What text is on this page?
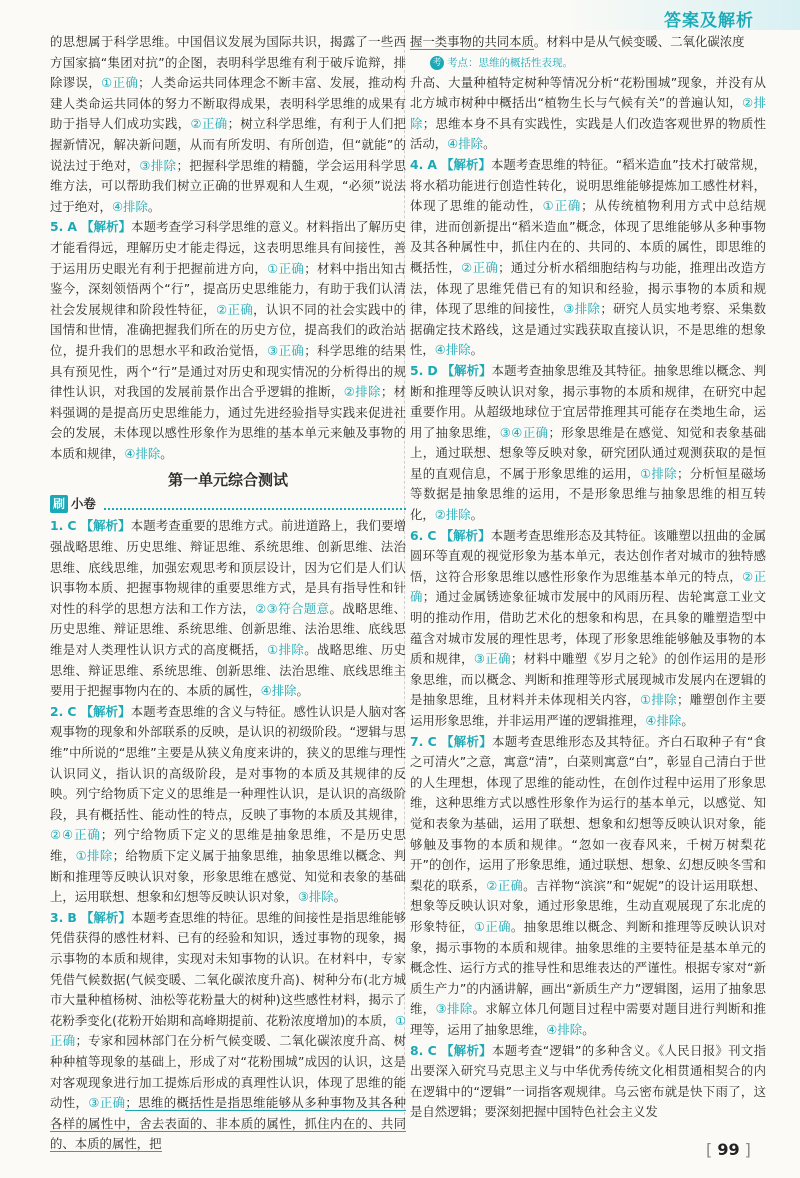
答案及解析

的思想属于科学思维。中国倡议发展为国际共识，揭露了一些西方国家搞“集团对抗”的企图，表明科学思维有利于破斥诡辩，排除谬误，①正确；人类命运共同体理念不断丰富、发展，推动构建人类命运共同体的努力不断取得成果，表明科学思维的成果有助于指导人们成功实践，②正确；树立科学思维，有利于人们把握新情况，解决新问题，从而有所发明、有所创造，但“就能”的说法过于绝对，③排除；把握科学思维的精髓，学会运用科学思维方法，可以帮助我们树立正确的世界观和人生观，“必须”说法过于绝对，④排除。

5. A 【解析】本题考查学习科学思维的意义。材料指出了解历史才能看得远，理解历史才能走得远，这表明思维具有间接性，善于运用历史眼光有利于把握前进方向，①正确；材料中指出知古鉴今，深刻领悟两个“行”，提高历史思维能力，有助于我们认清社会发展规律和阶段性特征，②正确，认识不同的社会实践中的国情和世情，准确把握我们所在的历史方位，提高我们的政治站位，提升我们的思想水平和政治觉悟，③正确；科学思维的结果具有预见性，两个“行”是通过对历史和现实情况的分析得出的规律性认识，对我国的发展前景作出合乎逻辑的推断，②排除；材料强调的是提高历史思维能力，通过先进经验指导实践来促进社会的发展，未体现以感性形象作为思维的基本单元来触及事物的本质和规律，④排除。

第一单元综合测试
刷 小卷

1. C 【解析】本题考查重要的思维方式。前进道路上，我们要增强战略思维、历史思维、辩证思维、系统思维、创新思维、法治思维、底线思维，加强宏观思考和顶层设计，因为它们是人们认识事物本质、把握事物规律的重要思维方式，是具有指导性和针对性的科学的思想方法和工作方法，②③符合题意。战略思维、历史思维、辩证思维、系统思维、创新思维、法治思维、底线思维是对人类理性认识方式的高度概括，①排除。战略思维、历史思维、辩证思维、系统思维、创新思维、法治思维、底线思维主要用于把握事物内在的、本质的属性，④排除。

2. C 【解析】本题考查思维的含义与特征。感性认识是人脑对客观事物的现象和外部联系的反映，是认识的初级阶段。“逻辑与思维”中所说的“思维”主要是从狭义角度来讲的，狭义的思维与理性认识同义，指认识的高级阶段，是对事物的本质及其规律的反映。列宁给物质下定义的思维是一种理性认识，是认识的高级阶段，具有概括性、能动性的特点，反映了事物的本质及其规律，②④正确；列宁给物质下定义的思维是抽象思维，不是历史思维，①排除；给物质下定义属于抽象思维，抽象思维以概念、判断和推理等反映认识对象，形象思维在感觉、知觉和表象的基础上，运用联想、想象和幻想等反映认识对象，③排除。

3. B 【解析】本题考查思维的特征。思维的间接性是指思维能够凭借获得的感性材料、已有的经验和知识，透过事物的现象，揭示事物的本质和规律，实现对未知事物的认识。在材料中，专家凭借气候数据(气候变暖、二氧化碳浓度升高)、树种分布(北方城市大量种植杨树、油松等花粉量大的树种)这些感性材料，揭示了花粉季变化(花粉开始期和高峰期提前、花粉浓度增加)的本质，①正确；专家和园林部门在分析气候变暖、二氧化碳浓度升高、树种种植等现象的基础上，形成了对“花粉围城”成因的认识，这是对客观现象进行加工提炼后形成的真理性认识，体现了思维的能动性，③正确；思维的概括性是指思维能够从多种事物及其各种各样的属性中，舍去表面的、非本质的属性，抓住内在的、共同的、本质的属性，把

握一类事物的共同本质。材料中是从气候变暖、二氧化碳浓度

考 考点： 思维的概括性表现。

升高、大量种植特定树种等情况分析“花粉围城”现象，并没有从北方城市树种中概括出“植物生长与气候有关”的普遍认知，②排除；思维本身不具有实践性，实践是人们改造客观世界的物质性活动，④排除。

4. A 【解析】本题考查思维的特征。“稻米造血”技术打破常规，将水稻功能进行创造性转化，说明思维能够提炼加工感性材料，体现了思维的能动性，①正确；从传统植物利用方式中总结规律，进而创新提出“稻米造血”概念，体现了思维能够从多种事物及其各种属性中，抓住内在的、共同的、本质的属性，即思维的概括性，②正确；通过分析水稻细胞结构与功能，推理出改造方法，体现了思维凭借已有的知识和经验，揭示事物的本质和规律，体现了思维的间接性，③排除；研究人员实地考察、采集数据确定技术路线，这是通过实践获取直接认识，不是思维的想象性，④排除。

5. D 【解析】本题考查抽象思维及其特征。抽象思维以概念、判断和推理等反映认识对象，揭示事物的本质和规律，在研究中起重要作用。从超级地球位于宜居带推理其可能存在类地生命，运用了抽象思维，③④正确；形象思维是在感觉、知觉和表象基础上，通过联想、想象等反映对象，研究团队通过观测获取的是恒星的直观信息，不属于形象思维的运用，①排除；分析恒星磁场等数据是抽象思维的运用，不是形象思维与抽象思维的相互转化，②排除。

6. C 【解析】本题考查思维形态及其特征。该雕塑以扭曲的金属圆环等直观的视觉形象为基本单元，表达创作者对城市的独特感悟，这符合形象思维以感性形象作为思维基本单元的特点，②正确；通过金属锈迹象征城市发展中的风雨历程、齿轮寓意工业文明的推动作用，借助艺术化的想象和构思，在具象的雕塑造型中蕴含对城市发展的理性思考，体现了形象思维能够触及事物的本质和规律，③正确；材料中雕塑《岁月之轮》的创作运用的是形象思维，而以概念、判断和推理等形式展现城市发展内在逻辑的是抽象思维，且材料并未体现相关内容，①排除；雕塑创作主要运用形象思维，并非运用严谨的逻辑推理，④排除。

7. C 【解析】本题考查思维形态及其特征。齐白石取种子有“食之可清火”之意，寓意“清”，白菜则寓意“白”，彰显自己清白于世的人生理想，体现了思维的能动性，在创作过程中运用了形象思维，这种思维方式以感性形象作为运行的基本单元，以感觉、知觉和表象为基础，运用了联想、想象和幻想等反映认识对象，能够触及事物的本质和规律。“忽如一夜春风来，千树万树梨花开”的创作，运用了形象思维，通过联想、想象、幻想反映冬雪和梨花的联系，②正确。吉祥物“滨滨”和“妮妮”的设计运用联想、想象等反映认识对象，通过形象思维，生动直观展现了东北虎的形象特征，①正确。抽象思维以概念、判断和推理等反映认识对象，揭示事物的本质和规律。抽象思维的主要特征是基本单元的概念性、运行方式的推导性和思维表达的严谨性。根据专家对“新质生产力”的内涵讲解，画出“新质生产力”逻辑图，运用了抽象思维，③排除。求解立体几何题目过程中需要对题目进行判断和推理等，运用了抽象思维，④排除。

8. C 【解析】本题考查“逻辑”的多种含义。《人民日报》刊文指出要深入研究马克思主义与中华优秀传统文化相贯通相契合的内在逻辑中的“逻辑”一词指客观规律。乌云密布就是快下雨了，这是自然逻辑；要深刻把握中国特色社会主义发

[ 99 ]
